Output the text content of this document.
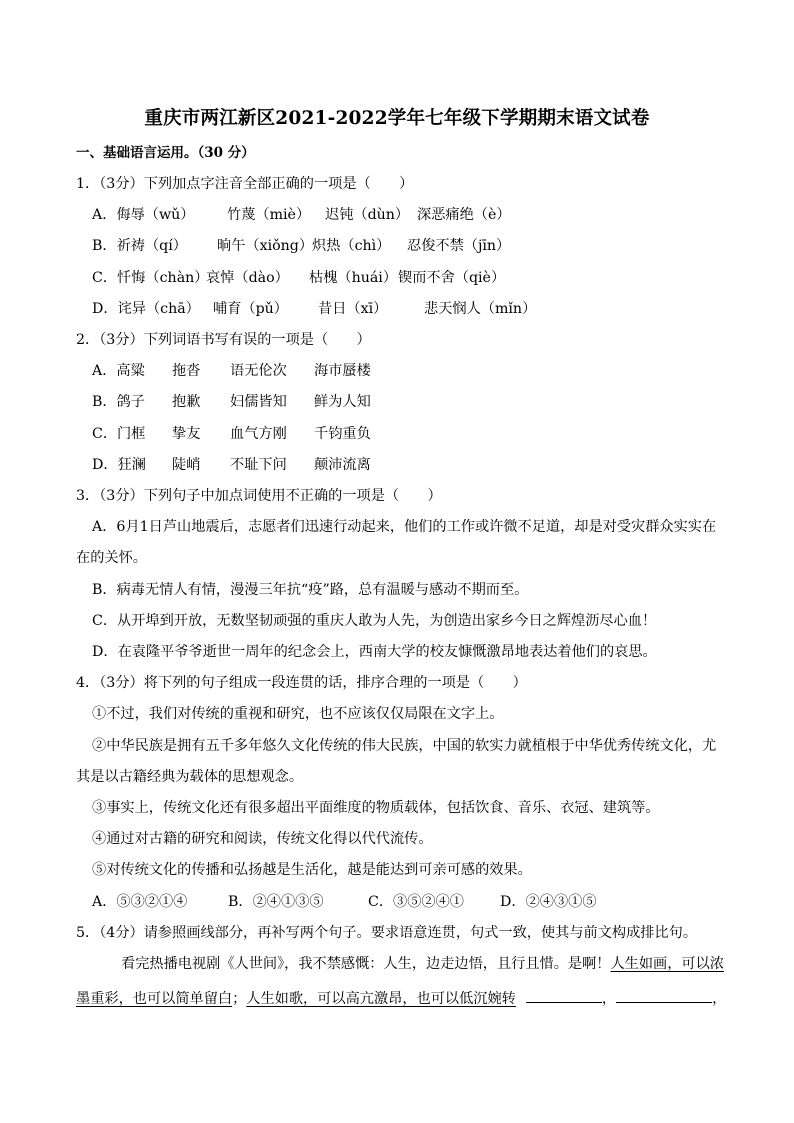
重庆市两江新区2021-2022学年七年级下学期期末语文试卷
一、基础语言运用。（30 分）
1．（3分）下列加点字注音全部正确的一项是（　　）
A．侮辱（wǔ） 竹蔑（miè） 迟钝（dùn） 深恶痛绝（è）
B．祈祷（qí） 晌午（xiǒng）炽热（chì） 忍俊不禁（jīn）
C．忏悔（chàn）哀悼（dào） 枯槐（huái）锲而不舍（qiè）
D．诧异（chā） 哺育（pǔ） 昔日（xī）	悲天悯人（mǐn）
2．（3分）下列词语书写有误的一项是（　　）
A．高粱 拖沓 语无伦次 海市蜃楼
B．鸽子 抱歉 妇儒皆知 鲜为人知
C．门框 挚友 血气方刚 千钧重负
D．狂澜 陡峭 不耻下问 颠沛流离
3．（3分）下列句子中加点词使用不正确的一项是（　　）
A．6月1日芦山地震后，志愿者们迅速行动起来，他们的工作或许微不足道，却是对受灾群众实实在
在的关怀。
B．病毒无情人有情，漫漫三年抗“疫”路，总有温暖与感动不期而至。
C．从开埠到开放，无数坚韧顽强的重庆人敢为人先，为创造出家乡今日之辉煌沥尽心血！
D．在袁隆平爷爷逝世一周年的纪念会上，西南大学的校友慷慨激昂地表达着他们的哀思。
4．（3分）将下列的句子组成一段连贯的话，排序合理的一项是（　　）
①不过，我们对传统的重视和研究，也不应该仅仅局限在文字上。
②中华民族是拥有五千多年悠久文化传统的伟大民族，中国的软实力就植根于中华优秀传统文化，尤
其是以古籍经典为载体的思想观念。
③事实上，传统文化还有很多超出平面维度的物质载体，包括饮食、音乐、衣冠、建筑等。
④通过对古籍的研究和阅读，传统文化得以代代流传。
⑤对传统文化的传播和弘扬越是生活化，越是能达到可亲可感的效果。
A．⑤③②①④	B．②④①③⑤	C．③⑤②④①	D．②④③①⑤
5．（4分）请参照画线部分，再补写两个句子。要求语意连贯，句式一致，使其与前文构成排比句。
看完热播电视剧《人世间》，我不禁感慨：人生，边走边悟，且行且惜。是啊！人生如画，可以浓
墨重彩，也可以简单留白；人生如歌，可以高亢激昂，也可以低沉婉转	，	，
